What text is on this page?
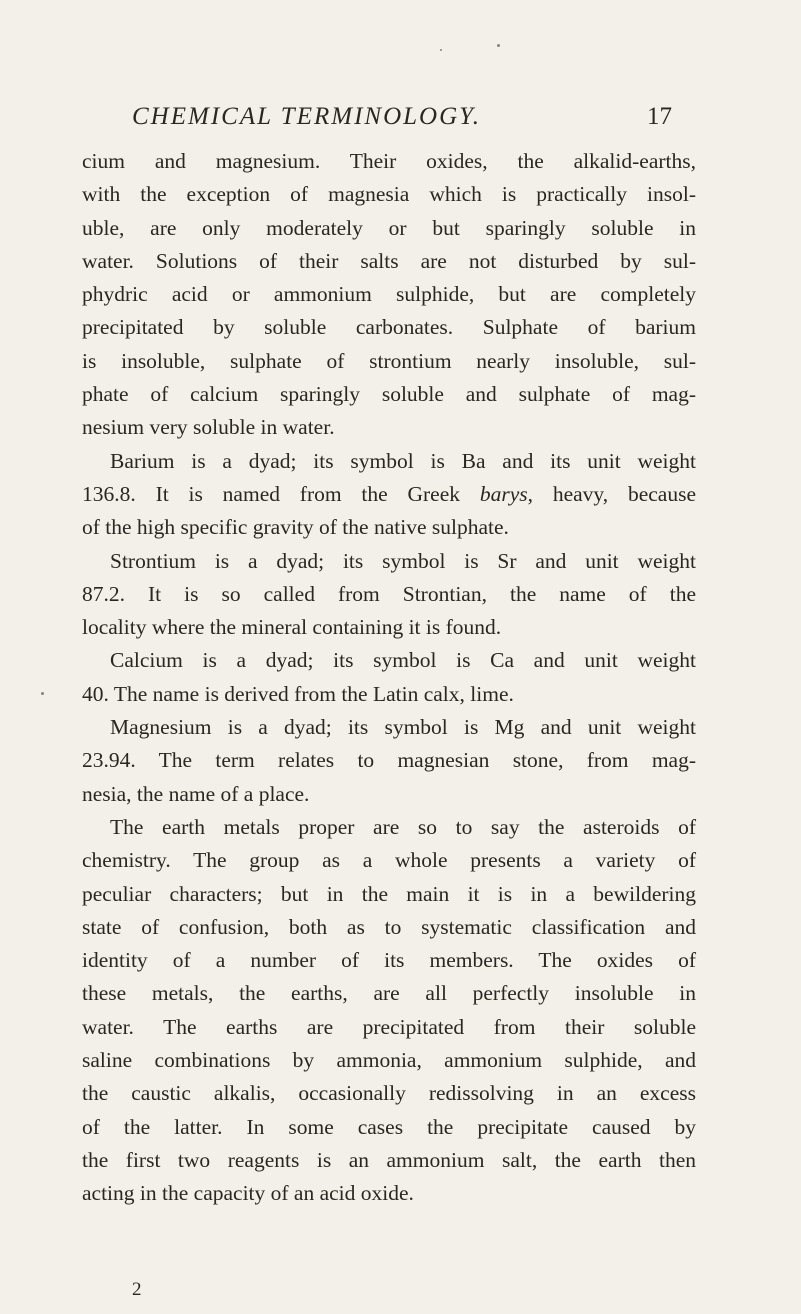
CHEMICAL TERMINOLOGY.	17
cium and magnesium. Their oxides, the alkalid-earths,
with the exception of magnesia which is practically insol-
uble, are only moderately or but sparingly soluble in
water. Solutions of their salts are not disturbed by sul-
phydric acid or ammonium sulphide, but are completely
precipitated by soluble carbonates. Sulphate of barium
is insoluble, sulphate of strontium nearly insoluble, sul-
phate of calcium sparingly soluble and sulphate of mag-
nesium very soluble in water.
Barium is a dyad; its symbol is Ba and its unit weight
136.8. It is named from the Greek barys, heavy, because
of the high specific gravity of the native sulphate.
Strontium is a dyad; its symbol is Sr and unit weight
87.2. It is so called from Strontian, the name of the
locality where the mineral containing it is found.
Calcium is a dyad; its symbol is Ca and unit weight
40. The name is derived from the Latin calx, lime.
Magnesium is a dyad; its symbol is Mg and unit weight
23.94. The term relates to magnesian stone, from mag-
nesia, the name of a place.
The earth metals proper are so to say the asteroids of
chemistry. The group as a whole presents a variety of
peculiar characters; but in the main it is in a bewildering
state of confusion, both as to systematic classification and
identity of a number of its members. The oxides of
these metals, the earths, are all perfectly insoluble in
water. The earths are precipitated from their soluble
saline combinations by ammonia, ammonium sulphide, and
the caustic alkalis, occasionally redissolving in an excess
of the latter. In some cases the precipitate caused by
the first two reagents is an ammonium salt, the earth then
acting in the capacity of an acid oxide.
2
